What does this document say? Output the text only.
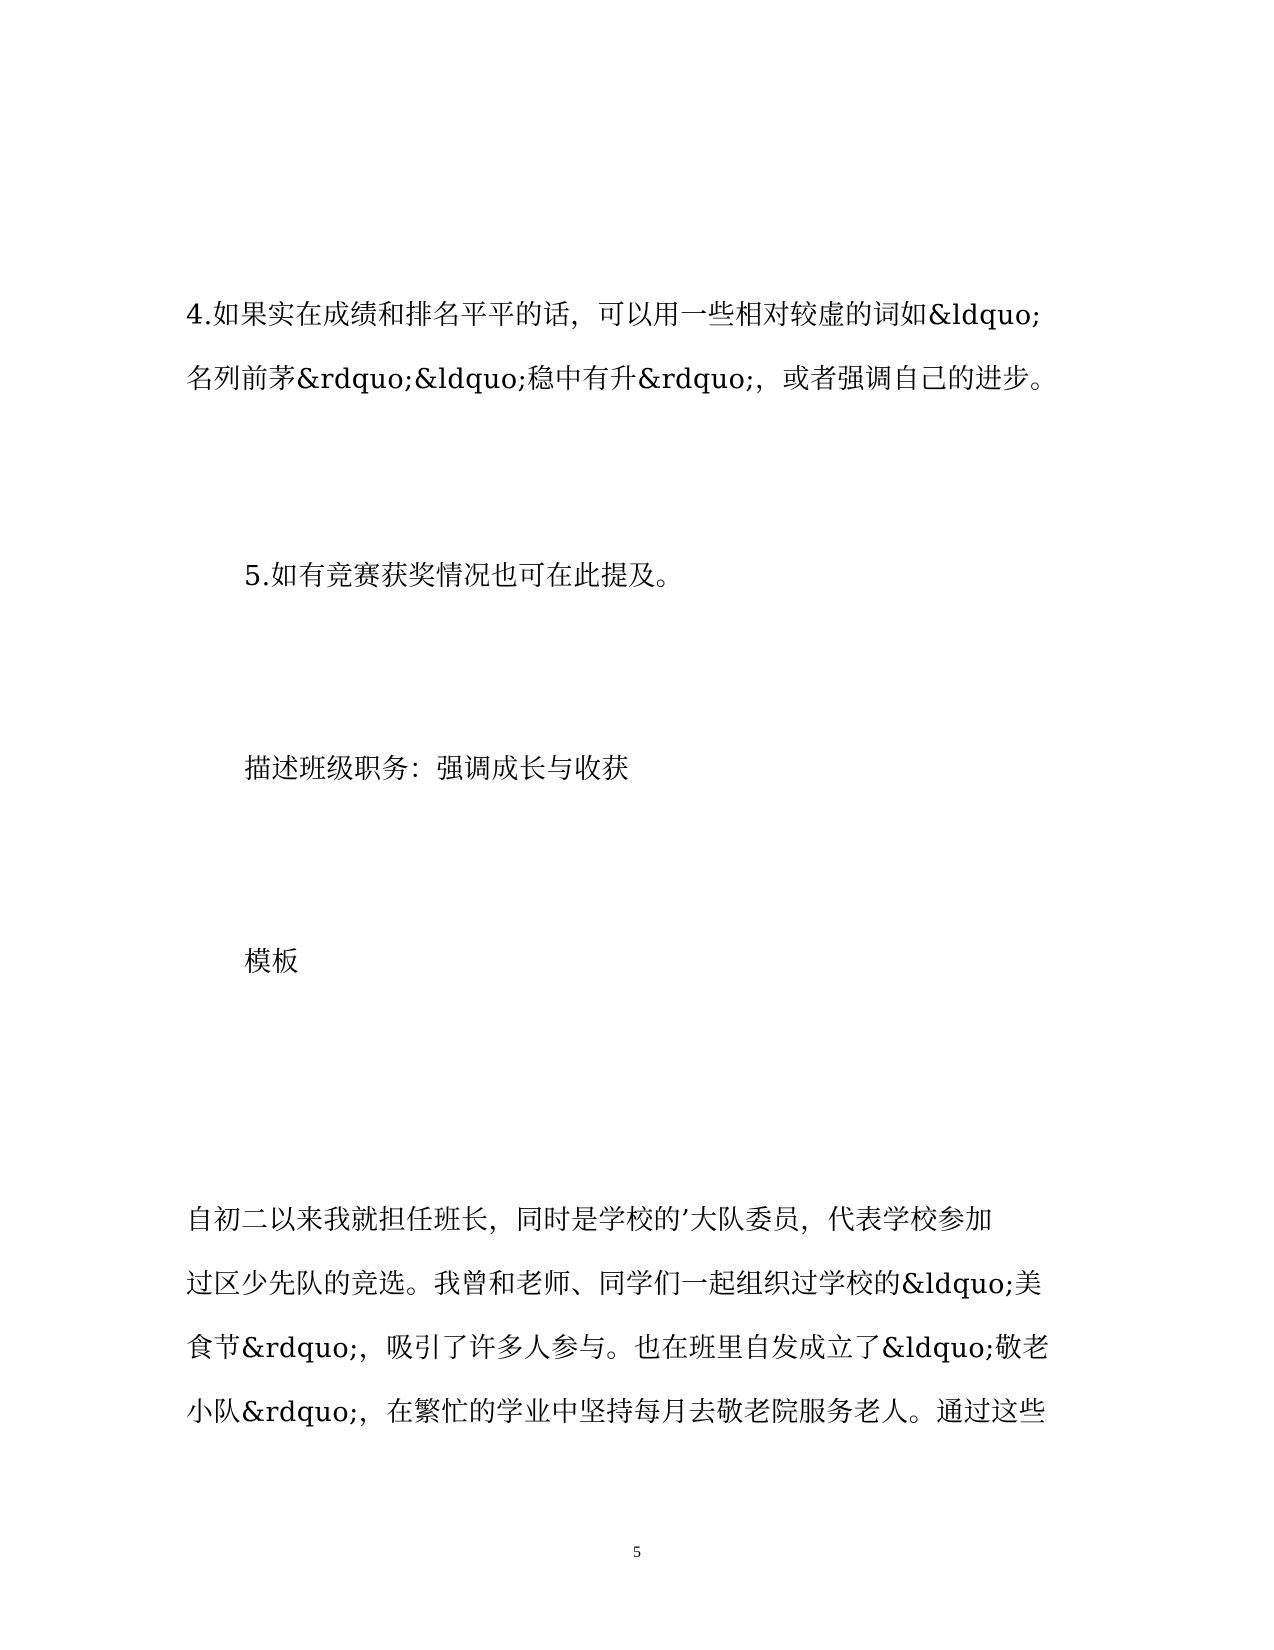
4.如果实在成绩和排名平平的话，可以用一些相对较虚的词如&ldquo;
名列前茅&rdquo;&ldquo;稳中有升&rdquo;，或者强调自己的进步。
5.如有竞赛获奖情况也可在此提及。
描述班级职务：强调成长与收获
模板
自初二以来我就担任班长，同时是学校的’大队委员，代表学校参加
过区少先队的竞选。我曾和老师、同学们一起组织过学校的&ldquo;美
食节&rdquo;，吸引了许多人参与。也在班里自发成立了&ldquo;敬老
小队&rdquo;，在繁忙的学业中坚持每月去敬老院服务老人。通过这些
5
